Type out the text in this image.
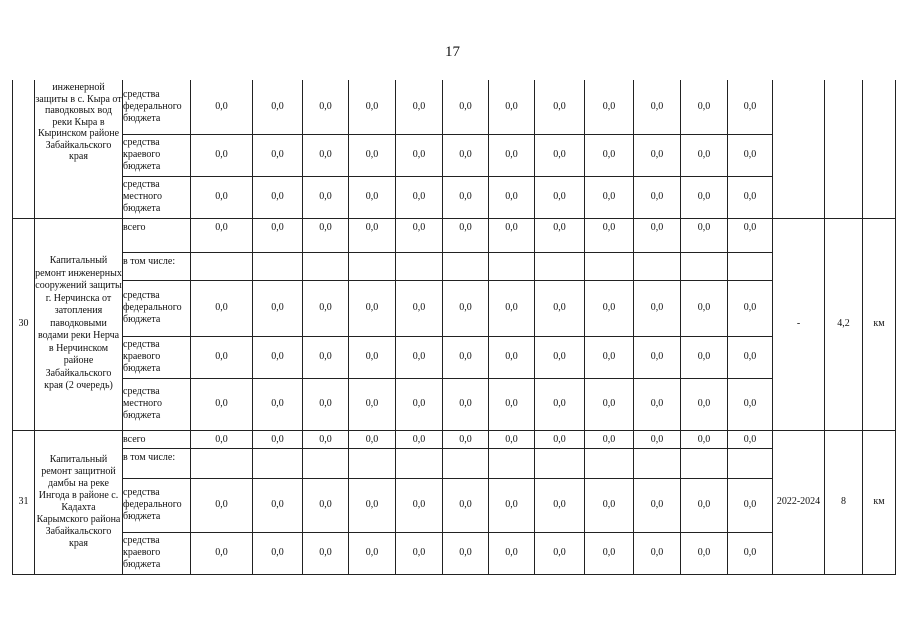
17
	инженерной защиты в с. Кыра от паводковых вод реки Кыра в Кыринском районе Забайкальского края	средства федерального бюджета	0,0	0,0	0,0	0,0	0,0	0,0	0,0	0,0	0,0	0,0	0,0	0,0			
		средства краевого бюджета	0,0	0,0	0,0	0,0	0,0	0,0	0,0	0,0	0,0	0,0	0,0	0,0			
		средства местного бюджета	0,0	0,0	0,0	0,0	0,0	0,0	0,0	0,0	0,0	0,0	0,0	0,0			
30	Капитальный ремонт инженерных сооружений защиты г. Нерчинска от затопления паводковыми водами реки Нерча в Нерчинском районе Забайкальского края (2 очередь)	всего	0,0	0,0	0,0	0,0	0,0	0,0	0,0	0,0	0,0	0,0	0,0	0,0	-	4,2	км
		в том числе:															
		средства федерального бюджета	0,0	0,0	0,0	0,0	0,0	0,0	0,0	0,0	0,0	0,0	0,0	0,0			
		средства краевого бюджета	0,0	0,0	0,0	0,0	0,0	0,0	0,0	0,0	0,0	0,0	0,0	0,0			
		средства местного бюджета	0,0	0,0	0,0	0,0	0,0	0,0	0,0	0,0	0,0	0,0	0,0	0,0			
31	Капитальный ремонт защитной дамбы на реке Ингода в районе с. Кадахта Карымского района Забайкальского края	всего	0,0	0,0	0,0	0,0	0,0	0,0	0,0	0,0	0,0	0,0	0,0	0,0	2022-2024	8	км
		в том числе:															
		средства федерального бюджета	0,0	0,0	0,0	0,0	0,0	0,0	0,0	0,0	0,0	0,0	0,0	0,0			
		средства краевого бюджета	0,0	0,0	0,0	0,0	0,0	0,0	0,0	0,0	0,0	0,0	0,0	0,0			
